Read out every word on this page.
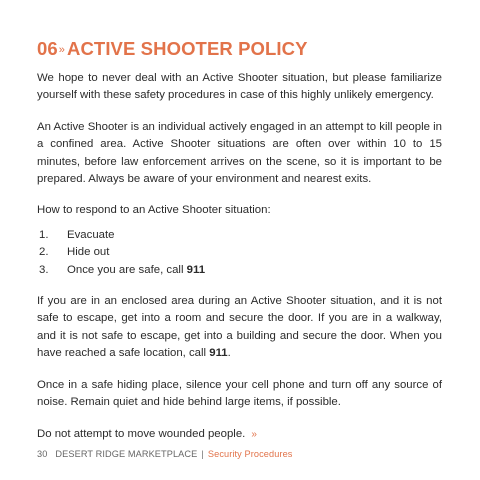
06» ACTIVE SHOOTER POLICY

We hope to never deal with an Active Shooter situation, but please familiarize yourself with these safety procedures in case of this highly unlikely emergency.

An Active Shooter is an individual actively engaged in an attempt to kill people in a confined area. Active Shooter situations are often over within 10 to 15 minutes, before law enforcement arrives on the scene, so it is important to be prepared. Always be aware of your environment and nearest exits.

How to respond to an Active Shooter situation:

1.	Evacuate
2.	Hide out
3.	Once you are safe, call 911

If you are in an enclosed area during an Active Shooter situation, and it is not safe to escape, get into a room and secure the door. If you are in a walkway, and it is not safe to escape, get into a building and secure the door. When you have reached a safe location, call 911.

Once in a safe hiding place, silence your cell phone and turn off any source of noise. Remain quiet and hide behind large items, if possible.

Do not attempt to move wounded people. »

30 DESERT RIDGE MARKETPLACE | Security Procedures
